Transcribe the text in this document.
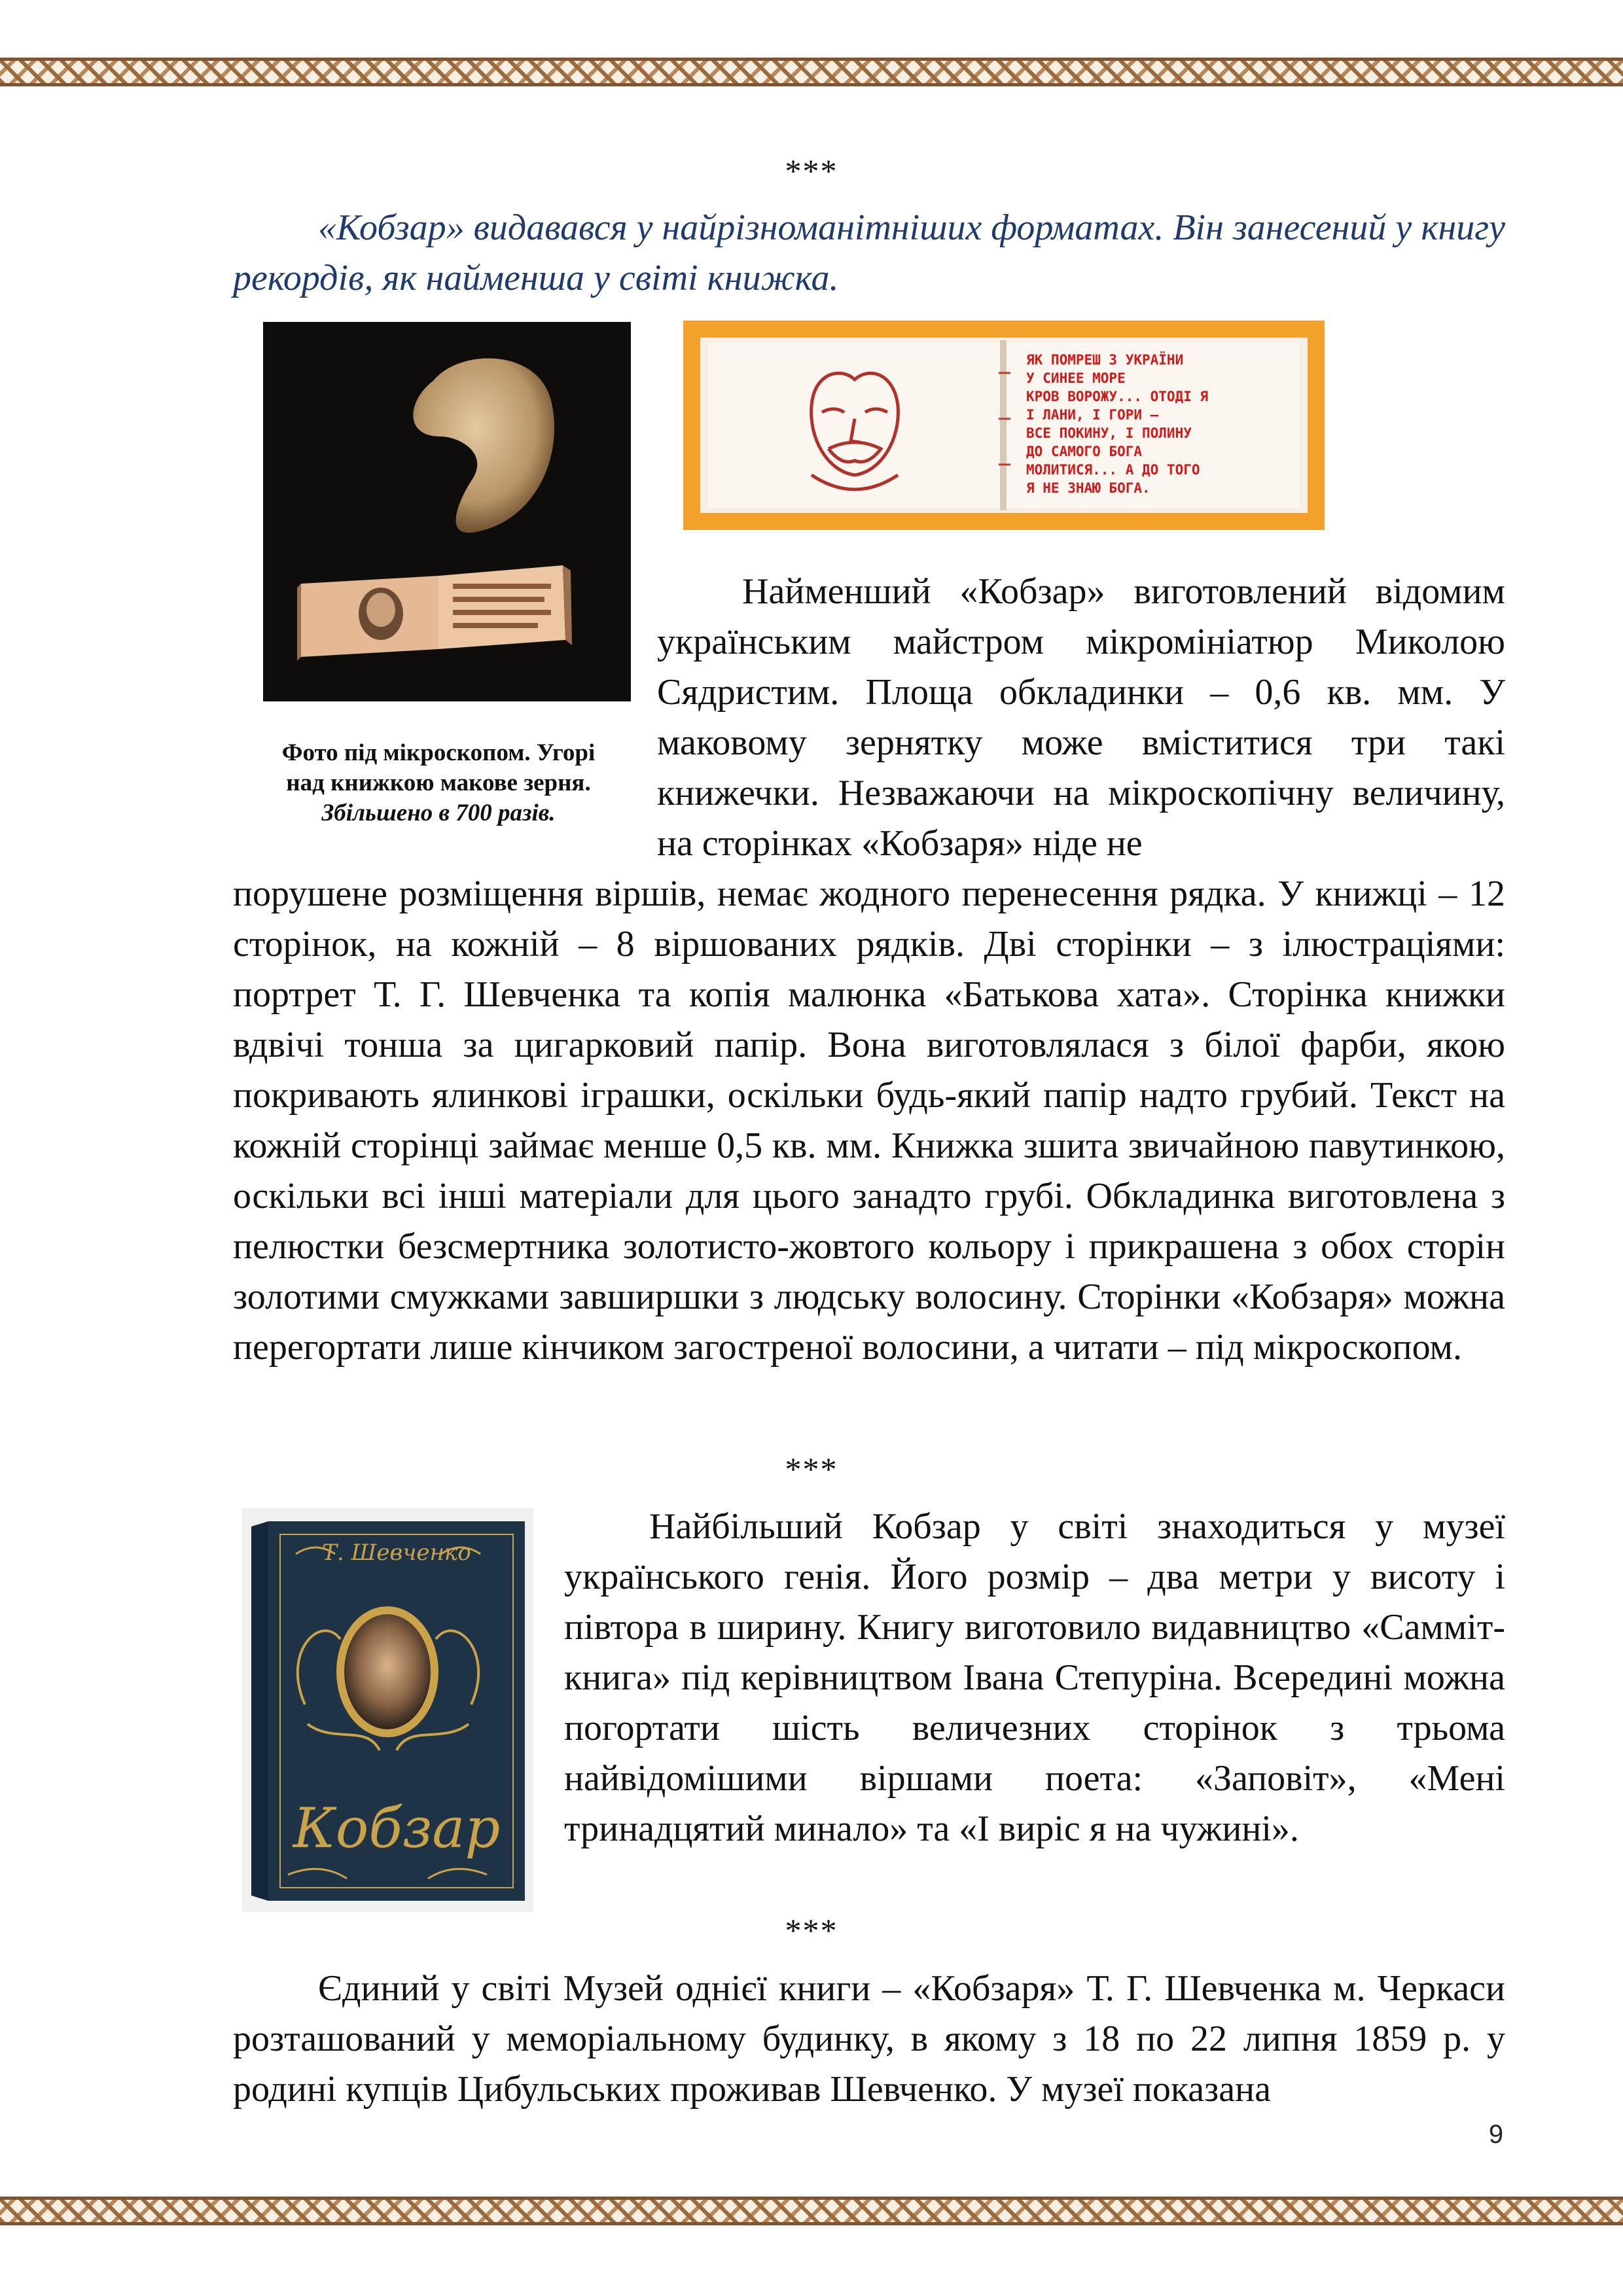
***

«Кобзар» видавався у найрізноманітніших форматах. Він занесений у книгу рекордів, як найменша у світі книжка.

ЯК ПОМРЕШ З УКРАЇНИ
У СИНЕЕ МОРЕ
КРОВ ВОРОЖУ... ОТОДІ Я
І ЛАНИ, І ГОРИ —
ВСЕ ПОКИНУ, І ПОЛИНУ
ДО САМОГО БОГА
МОЛИТИСЯ... А ДО ТОГО
Я НЕ ЗНАЮ БОГА.
Фото під мікроскопом. Угорі
над книжкою макове зерня.
Збільшено в 700 разів.

Найменший «Кобзар» виготовлений відомим українським майстром мікромініатюр Миколою Сядристим. Площа обкладинки – 0,6 кв. мм. У маковому зернятку може вміститися три такі книжечки. Незважаючи на мікроскопічну величину, на сторінках «Кобзаря» ніде не

порушене розміщення віршів, немає жодного перенесення рядка. У книжці – 12 сторінок, на кожній – 8 віршованих рядків. Дві сторінки – з ілюстраціями: портрет Т. Г. Шевченка та копія малюнка «Батькова хата». Сторінка книжки вдвічі тонша за цигарковий папір. Вона виготовлялася з білої фарби, якою покривають ялинкові іграшки, оскільки будь-який папір надто грубий. Текст на кожній сторінці займає менше 0,5 кв. мм. Книжка зшита звичайною павутинкою, оскільки всі інші матеріали для цього занадто грубі. Обкладинка виготовлена з пелюстки безсмертника золотисто-жовтого кольору і прикрашена з обох сторін золотими смужками завширшки з людську волосину. Сторінки «Кобзаря» можна перегортати лише кінчиком загостреної волосини, а читати – під мікроскопом.

***
Т. Шевченко
Кобзар

Найбільший Кобзар у світі знаходиться у музеї українського генія. Його розмір – два метри у висоту і півтора в ширину. Книгу виготовило видавництво «Самміт-книга» під керівництвом Івана Степуріна. Всередині можна погортати шість величезних сторінок з трьома найвідомішими віршами поета: «Заповіт», «Мені тринадцятий минало» та «І виріс я на чужині».

***

Єдиний у світі Музей однієї книги – «Кобзаря» Т. Г. Шевченка м. Черкаси розташований у меморіальному будинку, в якому з 18 по 22 липня 1859 р. у родині купців Цибульських проживав Шевченко. У музеї показана

9
